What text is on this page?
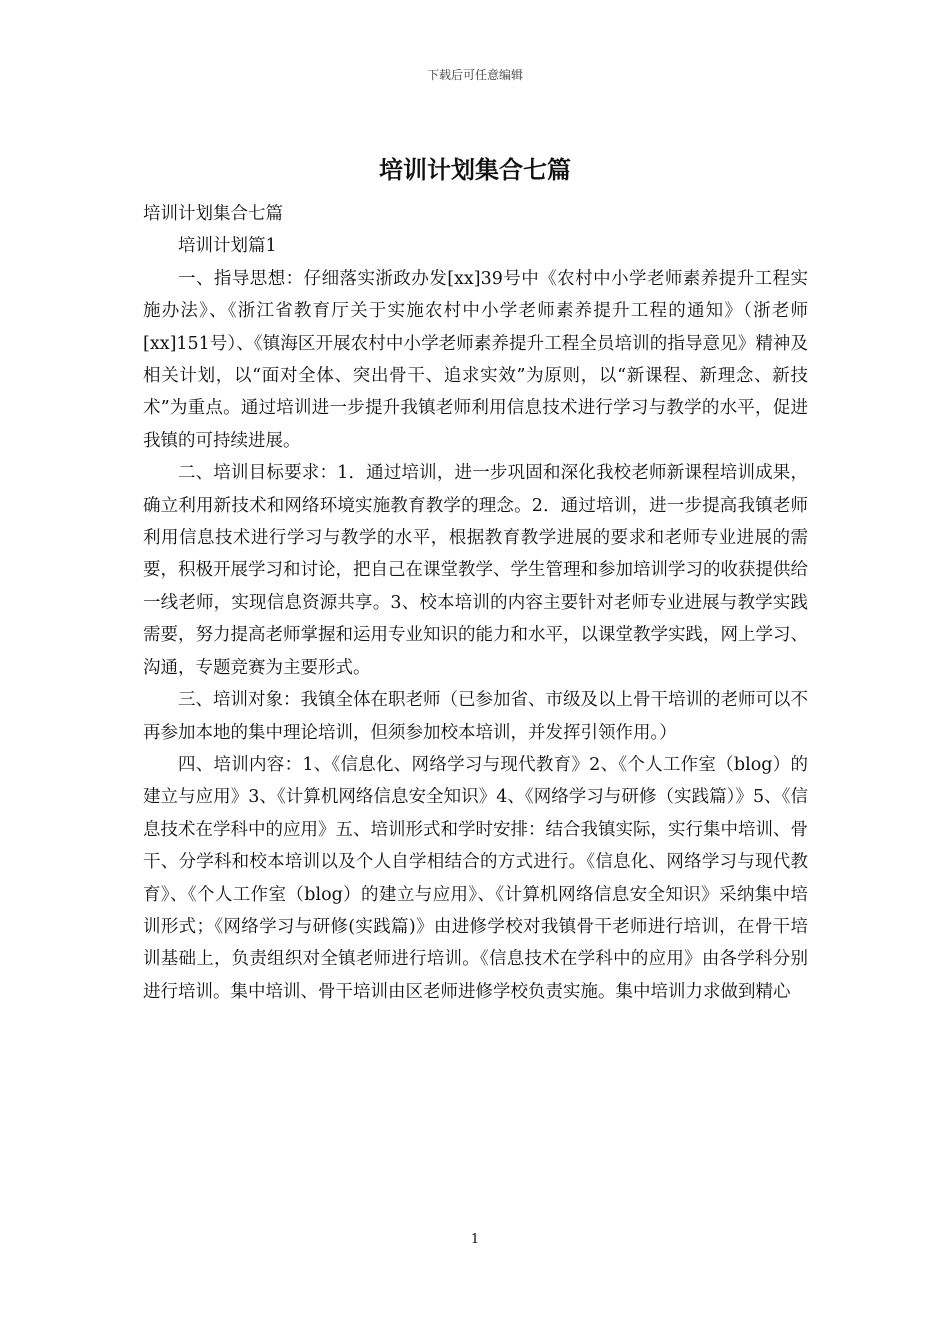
下载后可任意编辑
培训计划集合七篇

培训计划集合七篇

培训计划篇1

一、指导思想：仔细落实浙政办发[xx]39号中《农村中小学老师素养提升工程实施办法》、《浙江省教育厅关于实施农村中小学老师素养提升工程的通知》（浙老师[xx]151号）、《镇海区开展农村中小学老师素养提升工程全员培训的指导意见》精神及相关计划，以“面对全体、突出骨干、追求实效”为原则，以“新课程、新理念、新技术”为重点。通过培训进一步提升我镇老师利用信息技术进行学习与教学的水平，促进我镇的可持续进展。

二、培训目标要求：1．通过培训，进一步巩固和深化我校老师新课程培训成果，确立利用新技术和网络环境实施教育教学的理念。2．通过培训，进一步提高我镇老师利用信息技术进行学习与教学的水平，根据教育教学进展的要求和老师专业进展的需要，积极开展学习和讨论，把自己在课堂教学、学生管理和参加培训学习的收获提供给一线老师，实现信息资源共享。3、校本培训的内容主要针对老师专业进展与教学实践需要，努力提高老师掌握和运用专业知识的能力和水平，以课堂教学实践，网上学习、沟通，专题竞赛为主要形式。

三、培训对象：我镇全体在职老师（已参加省、市级及以上骨干培训的老师可以不再参加本地的集中理论培训，但须参加校本培训，并发挥引领作用。）

四、培训内容：1、《信息化、网络学习与现代教育》2、《个人工作室（blog）的建立与应用》3、《计算机网络信息安全知识》4、《网络学习与研修（实践篇）》5、《信息技术在学科中的应用》五、培训形式和学时安排：结合我镇实际，实行集中培训、骨干、分学科和校本培训以及个人自学相结合的方式进行。《信息化、网络学习与现代教育》、《个人工作室（blog）的建立与应用》、《计算机网络信息安全知识》采纳集中培训形式；《网络学习与研修(实践篇)》由进修学校对我镇骨干老师进行培训，在骨干培训基础上，负责组织对全镇老师进行培训。《信息技术在学科中的应用》由各学科分别进行培训。集中培训、骨干培训由区老师进修学校负责实施。集中培训力求做到精心

1
